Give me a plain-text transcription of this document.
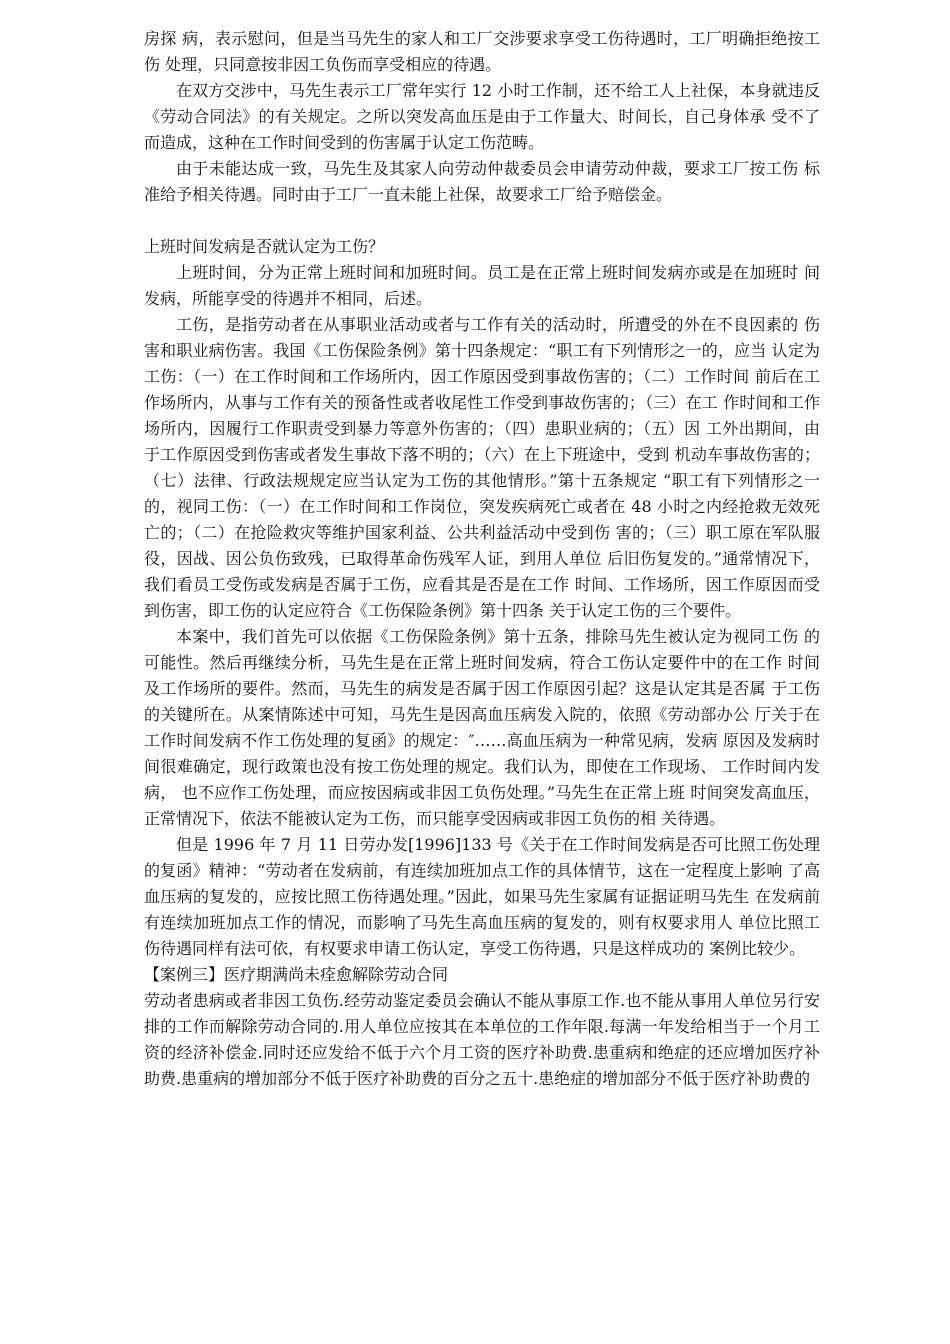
房探 病，表示慰问，但是当马先生的家人和工厂交涉要求享受工伤待遇时，工厂明确拒绝按工伤 处理，只同意按非因工负伤而享受相应的待遇。

在双方交涉中，马先生表示工厂常年实行 12 小时工作制，还不给工人上社保，本身就违反《劳动合同法》的有关规定。之所以突发高血压是由于工作量大、时间长，自己身体承 受不了而造成，这种在工作时间受到的伤害属于认定工伤范畴。

由于未能达成一致，马先生及其家人向劳动仲裁委员会申请劳动仲裁，要求工厂按工伤 标准给予相关待遇。同时由于工厂一直未能上社保，故要求工厂给予赔偿金。

上班时间发病是否就认定为工伤？

上班时间，分为正常上班时间和加班时间。员工是在正常上班时间发病亦或是在加班时 间发病，所能享受的待遇并不相同，后述。

工伤，是指劳动者在从事职业活动或者与工作有关的活动时，所遭受的外在不良因素的 伤害和职业病伤害。我国《工伤保险条例》第十四条规定：“职工有下列情形之一的，应当 认定为工伤：（一）在工作时间和工作场所内，因工作原因受到事故伤害的；（二）工作时间 前后在工作场所内，从事与工作有关的预备性或者收尾性工作受到事故伤害的；（三）在工 作时间和工作场所内，因履行工作职责受到暴力等意外伤害的；（四）患职业病的；（五）因 工外出期间，由于工作原因受到伤害或者发生事故下落不明的；（六）在上下班途中，受到 机动车事故伤害的；（七）法律、行政法规规定应当认定为工伤的其他情形。”第十五条规定 “职工有下列情形之一的，视同工伤：（一）在工作时间和工作岗位，突发疾病死亡或者在 48 小时之内经抢救无效死亡的；（二）在抢险救灾等维护国家利益、公共利益活动中受到伤 害的；（三）职工原在军队服役，因战、因公负伤致残，已取得革命伤残军人证，到用人单位 后旧伤复发的。”通常情况下，我们看员工受伤或发病是否属于工伤，应看其是否是在工作 时间、工作场所，因工作原因而受到伤害，即工伤的认定应符合《工伤保险条例》第十四条 关于认定工伤的三个要件。

本案中，我们首先可以依据《工伤保险条例》第十五条，排除马先生被认定为视同工伤 的可能性。然后再继续分析，马先生是在正常上班时间发病，符合工伤认定要件中的在工作 时间及工作场所的要件。然而，马先生的病发是否属于因工作原因引起？这是认定其是否属 于工伤的关键所在。从案情陈述中可知，马先生是因高血压病发入院的，依照《劳动部办公 厅关于在工作时间发病不作工伤处理的复函》的规定：″……高血压病为一种常见病，发病 原因及发病时间很难确定，现行政策也没有按工伤处理的规定。我们认为，即使在工作现场、 工作时间内发病， 也不应作工伤处理，而应按因病或非因工负伤处理。”马先生在正常上班 时间突发高血压，正常情况下，依法不能被认定为工伤，而只能享受因病或非因工负伤的相 关待遇。

但是 1996 年 7 月 11 日劳办发[1996]133 号《关于在工作时间发病是否可比照工伤处理的复函》精神：“劳动者在发病前，有连续加班加点工作的具体情节，这在一定程度上影响 了高血压病的复发的，应按比照工伤待遇处理。”因此，如果马先生家属有证据证明马先生 在发病前有连续加班加点工作的情况，而影响了马先生高血压病的复发的，则有权要求用人 单位比照工伤待遇同样有法可依，有权要求申请工伤认定，享受工伤待遇，只是这样成功的 案例比较少。

【案例三】医疗期满尚未痊愈解除劳动合同

劳动者患病或者非因工负伤.经劳动鉴定委员会确认不能从事原工作.也不能从事用人单位另行安排的工作而解除劳动合同的.用人单位应按其在本单位的工作年限.每满一年发给相当于一个月工资的经济补偿金.同时还应发给不低于六个月工资的医疗补助费.患重病和绝症的还应增加医疗补助费.患重病的增加部分不低于医疗补助费的百分之五十.患绝症的增加部分不低于医疗补助费的
